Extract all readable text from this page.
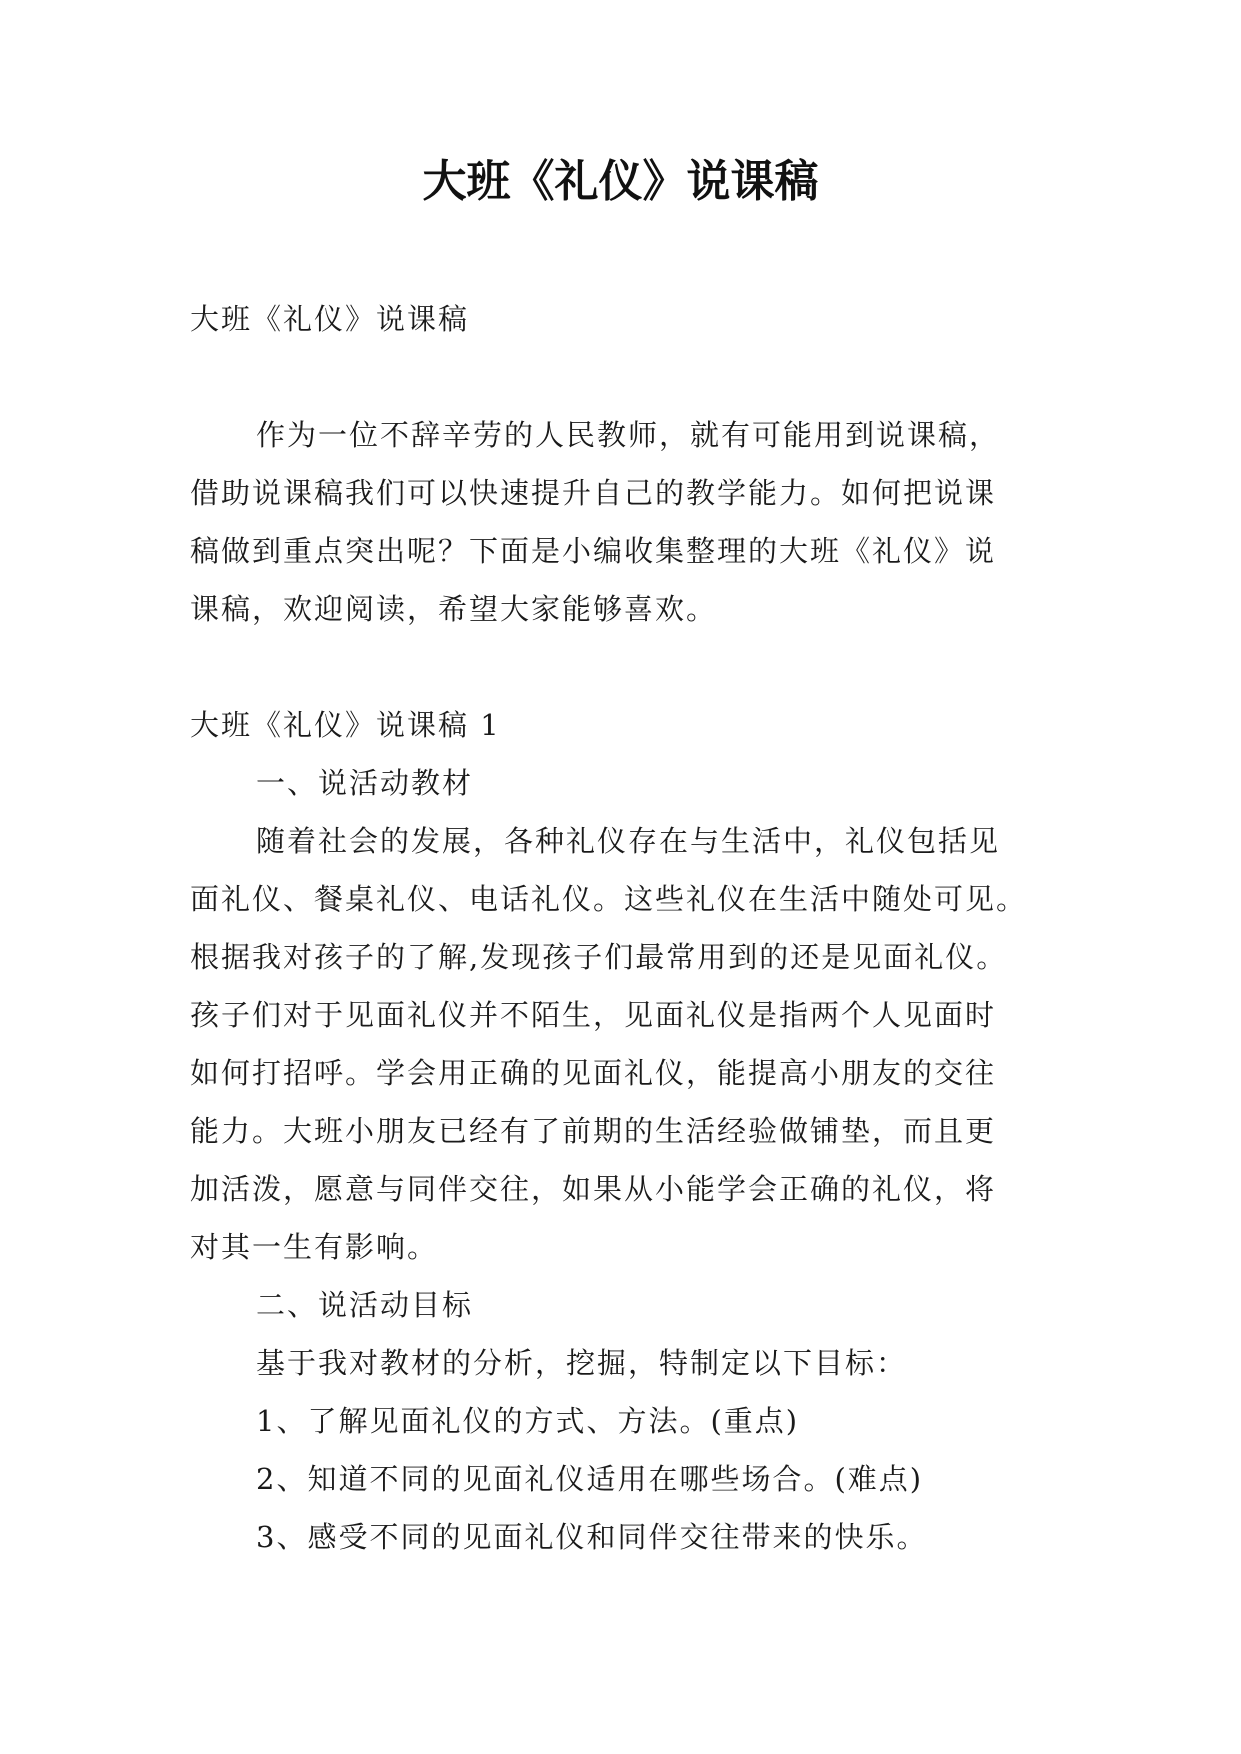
大班《礼仪》说课稿

大班《礼仪》说课稿

作为一位不辞辛劳的人民教师，就有可能用到说课稿，

借助说课稿我们可以快速提升自己的教学能力。如何把说课

稿做到重点突出呢？下面是小编收集整理的大班《礼仪》说

课稿，欢迎阅读，希望大家能够喜欢。

大班《礼仪》说课稿 1

一、说活动教材

随着社会的发展，各种礼仪存在与生活中，礼仪包括见

面礼仪、餐桌礼仪、电话礼仪。这些礼仪在生活中随处可见。

根据我对孩子的了解,发现孩子们最常用到的还是见面礼仪。

孩子们对于见面礼仪并不陌生，见面礼仪是指两个人见面时

如何打招呼。学会用正确的见面礼仪，能提高小朋友的交往

能力。大班小朋友已经有了前期的生活经验做铺垫，而且更

加活泼，愿意与同伴交往，如果从小能学会正确的礼仪，将

对其一生有影响。

二、说活动目标

基于我对教材的分析，挖掘，特制定以下目标：

1、了解见面礼仪的方式、方法。(重点)

2、知道不同的见面礼仪适用在哪些场合。(难点)

3、感受不同的见面礼仪和同伴交往带来的快乐。
